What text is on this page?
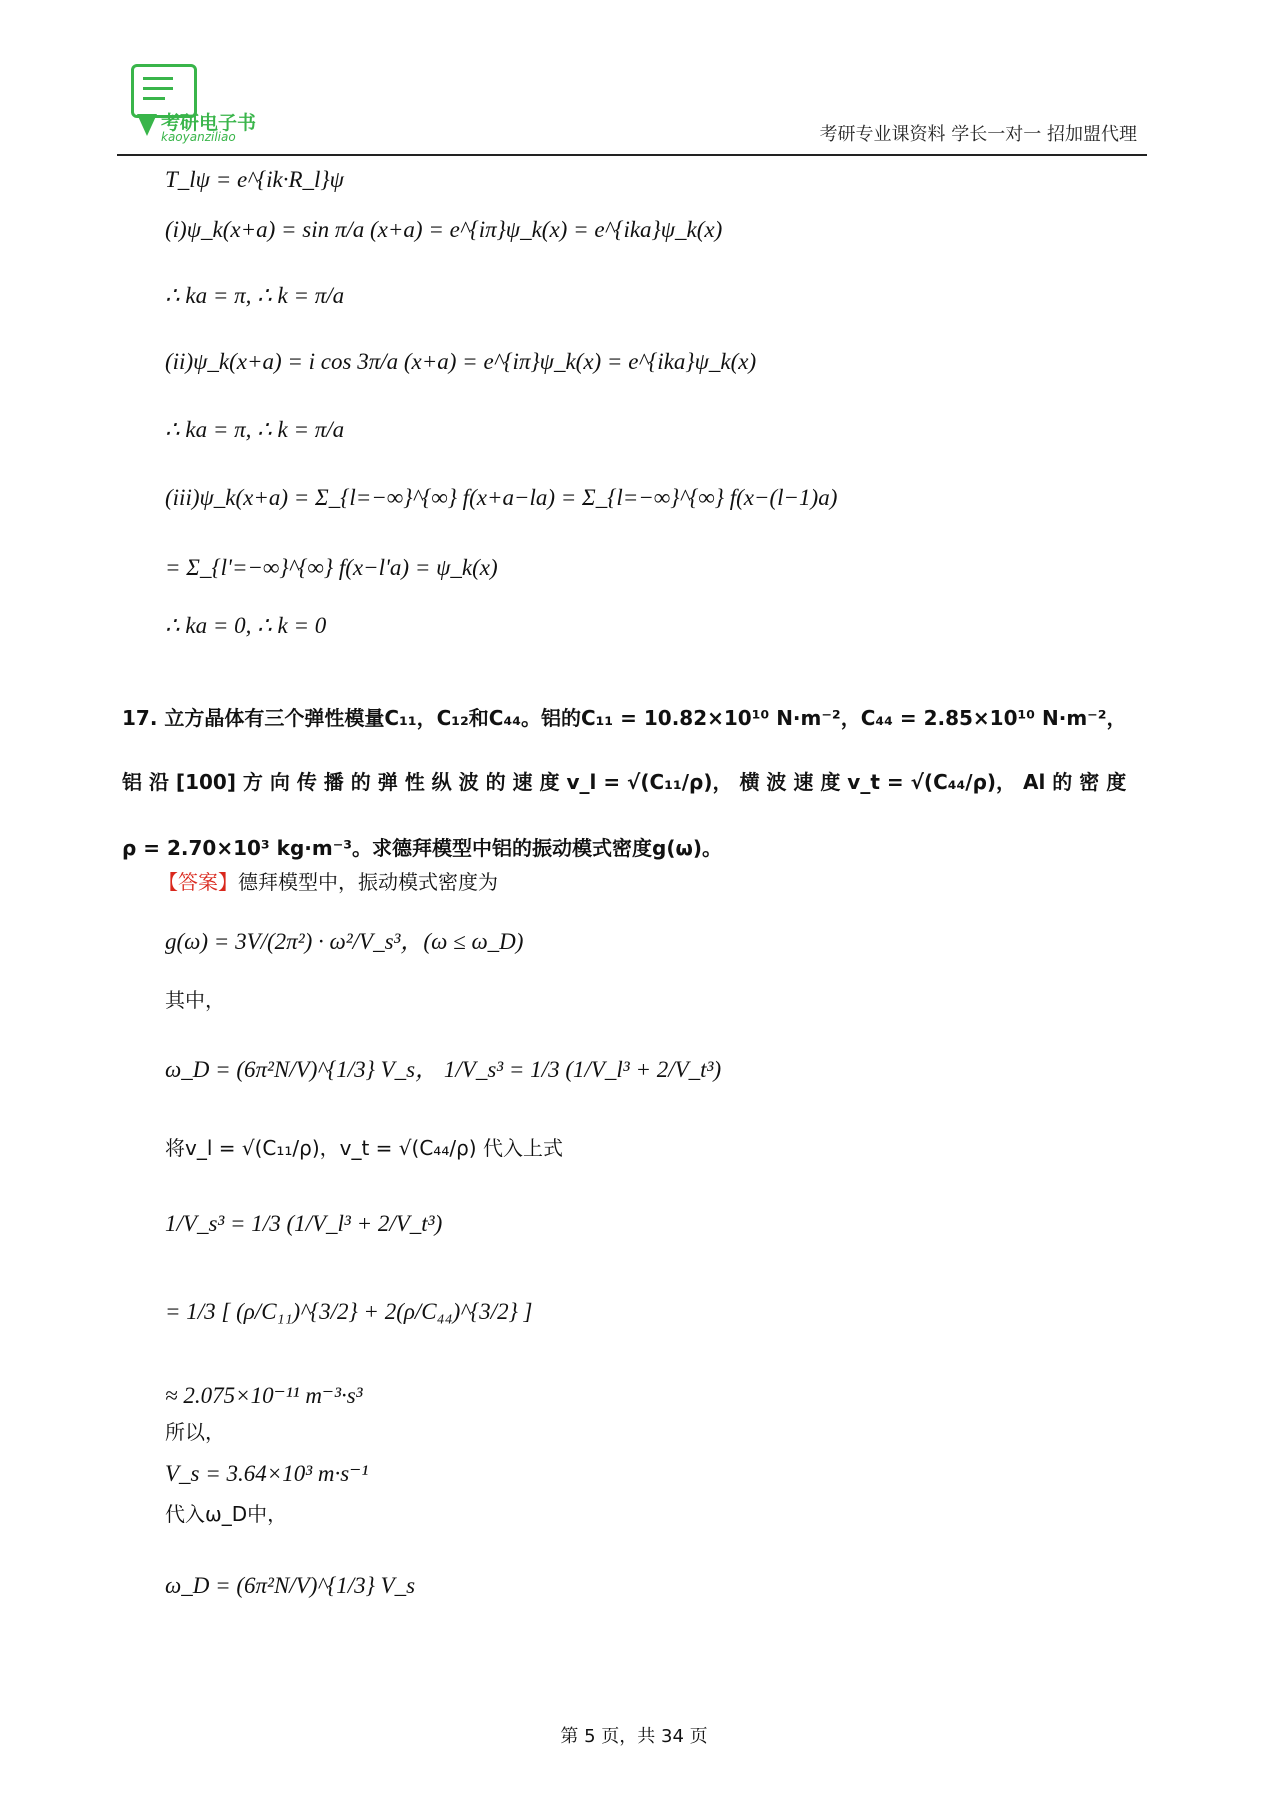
考研电子书
kaoyanziliao	考研专业课资料 学长一对一 招加盟代理
T_lψ = e^{ik·R_l}ψ
(i)ψ_k(x+a) = sin π/a (x+a) = e^{iπ}ψ_k(x) = e^{ika}ψ_k(x)
∴ ka = π, ∴ k = π/a
(ii)ψ_k(x+a) = i cos 3π/a (x+a) = e^{iπ}ψ_k(x) = e^{ika}ψ_k(x)
∴ ka = π, ∴ k = π/a
(iii)ψ_k(x+a) = Σ_{l=−∞}^{∞} f(x+a−la) = Σ_{l=−∞}^{∞} f(x−(l−1)a)
= Σ_{l'=−∞}^{∞} f(x−l'a) = ψ_k(x)
∴ ka = 0, ∴ k = 0
17. 立方晶体有三个弹性模量C₁₁，C₁₂和C₄₄。铝的C₁₁ = 10.82×10¹⁰ N·m⁻²，C₄₄ = 2.85×10¹⁰ N·m⁻²，
铝 沿 [100] 方 向 传 播 的 弹 性 纵 波 的 速 度 v_l = √(C₁₁/ρ)， 横 波 速 度 v_t = √(C₄₄/ρ)， Al 的 密 度
ρ = 2.70×10³ kg·m⁻³。求德拜模型中铝的振动模式密度g(ω)。
【答案】德拜模型中，振动模式密度为
g(ω) = 3V/(2π²) · ω²/V_s³，(ω ≤ ω_D)
其中，
ω_D = (6π²N/V)^{1/3} V_s， 1/V_s³ = 1/3 (1/V_l³ + 2/V_t³)
将v_l = √(C₁₁/ρ)，v_t = √(C₄₄/ρ) 代入上式
1/V_s³ = 1/3 (1/V_l³ + 2/V_t³)
= 1/3 [ (ρ/C₁₁)^{3/2} + 2(ρ/C₄₄)^{3/2} ]
≈ 2.075×10⁻¹¹ m⁻³·s³
所以，
V_s = 3.64×10³ m·s⁻¹
代入ω_D中，
ω_D = (6π²N/V)^{1/3} V_s
第 5 页，共 34 页
